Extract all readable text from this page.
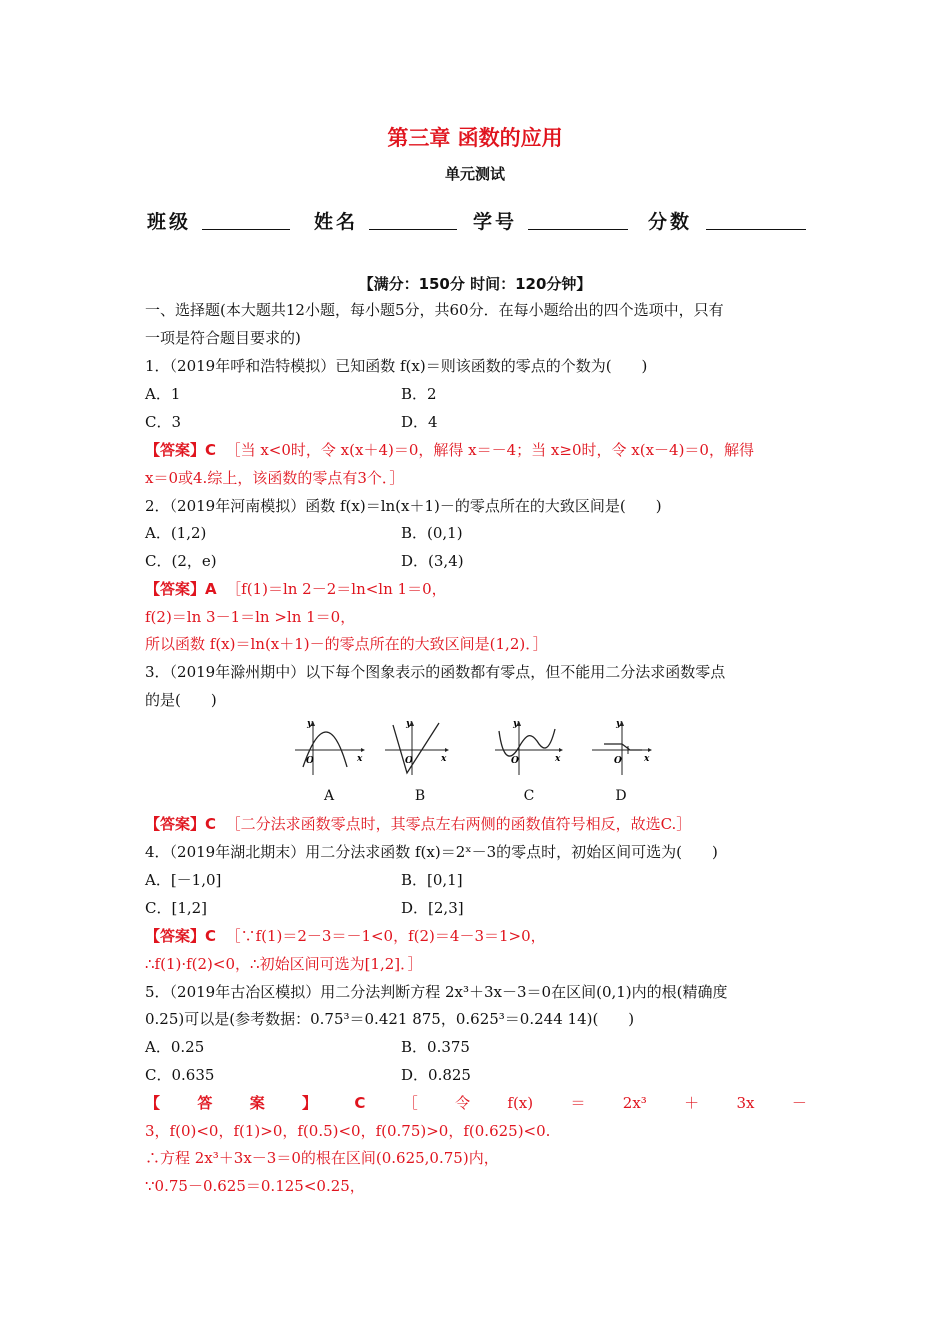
第三章 函数的应用
单元测试
班级	姓名	学号	分数
【满分：150分 时间：120分钟】
一、选择题(本大题共12小题，每小题5分，共60分．在每小题给出的四个选项中，只有
一项是符合题目要求的)
1．（2019年呼和浩特模拟）已知函数 f(x)＝则该函数的零点的个数为(　　)
A．1	B．2
C．3	D．4
【答案】C ［当 x<0时，令 x(x＋4)＝0，解得 x＝－4；当 x≥0时，令 x(x－4)＝0，解得
x＝0或4.综上，该函数的零点有3个．］
2．（2019年河南模拟）函数 f(x)＝ln(x＋1)－的零点所在的大致区间是(　　)
A．(1,2)	B．(0,1)
C．(2，e)	D．(3,4)
【答案】A ［f(1)＝ln 2－2＝ln<ln 1＝0，
f(2)＝ln 3－1＝ln >ln 1＝0，
所以函数 f(x)＝ln(x＋1)－的零点所在的大致区间是(1,2)．］
3．（2019年滁州期中）以下每个图象表示的函数都有零点，但不能用二分法求函数零点
的是(　　)
y
x
O
y
x
O
y
x
O
y
x
O
A	B	C	D
【答案】C ［二分法求函数零点时，其零点左右两侧的函数值符号相反，故选C.］
4．（2019年湖北期末）用二分法求函数 f(x)＝2ˣ－3的零点时，初始区间可选为(　　)
A．[－1,0]	B．[0,1]
C．[1,2]	D．[2,3]
【答案】C ［∵f(1)＝2－3＝－1<0，f(2)＝4－3＝1>0，
∴f(1)·f(2)<0，∴初始区间可选为[1,2]．］
5．（2019年古冶区模拟）用二分法判断方程 2x³＋3x－3＝0在区间(0,1)内的根(精确度
0.25)可以是(参考数据：0.75³＝0.421 875，0.625³＝0.244 14)(　　)
A．0.25	B．0.375
C．0.635	D．0.825
【 答 案 】 C ［ 令 f(x) ＝ 2x³ ＋ 3x －
3，f(0)<0，f(1)>0，f(0.5)<0，f(0.75)>0，f(0.625)<0.
∴方程 2x³＋3x－3＝0的根在区间(0.625,0.75)内，
∵0.75－0.625＝0.125<0.25，
